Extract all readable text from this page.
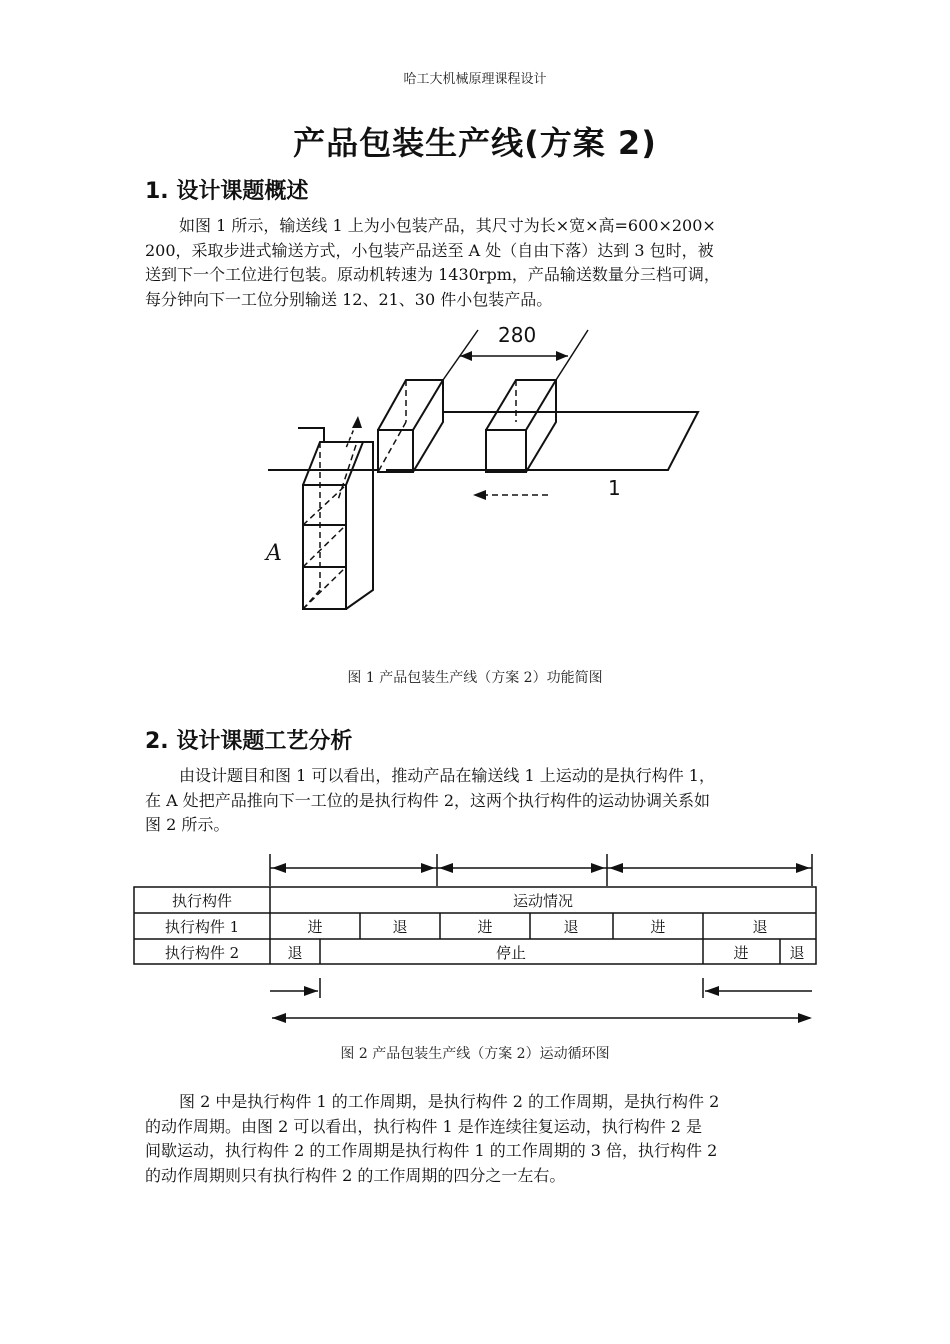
哈工大机械原理课程设计
产品包装生产线(方案 2)
1. 设计课题概述
如图 1 所示，输送线 1 上为小包装产品，其尺寸为长×宽×高=600×200×
200，采取步进式输送方式，小包装产品送至 A 处（自由下落）达到 3 包时，被
送到下一个工位进行包装。原动机转速为 1430rpm，产品输送数量分三档可调，
每分钟向下一工位分别输送 12、21、30 件小包装产品。
280
1
A
图 1 产品包装生产线（方案 2）功能简图
2. 设计课题工艺分析
由设计题目和图 1 可以看出，推动产品在输送线 1 上运动的是执行构件 1，
在 A 处把产品推向下一工位的是执行构件 2，这两个执行构件的运动协调关系如
图 2 所示。
执行构件	运动情况
执行构件 1	进	退	进	退	进	退
执行构件 2	退	停止	进	退
图 2 产品包装生产线（方案 2）运动循环图
图 2 中是执行构件 1 的工作周期，是执行构件 2 的工作周期，是执行构件 2
的动作周期。由图 2 可以看出，执行构件 1 是作连续往复运动，执行构件 2 是
间歇运动，执行构件 2 的工作周期是执行构件 1 的工作周期的 3 倍，执行构件 2
的动作周期则只有执行构件 2 的工作周期的四分之一左右。
